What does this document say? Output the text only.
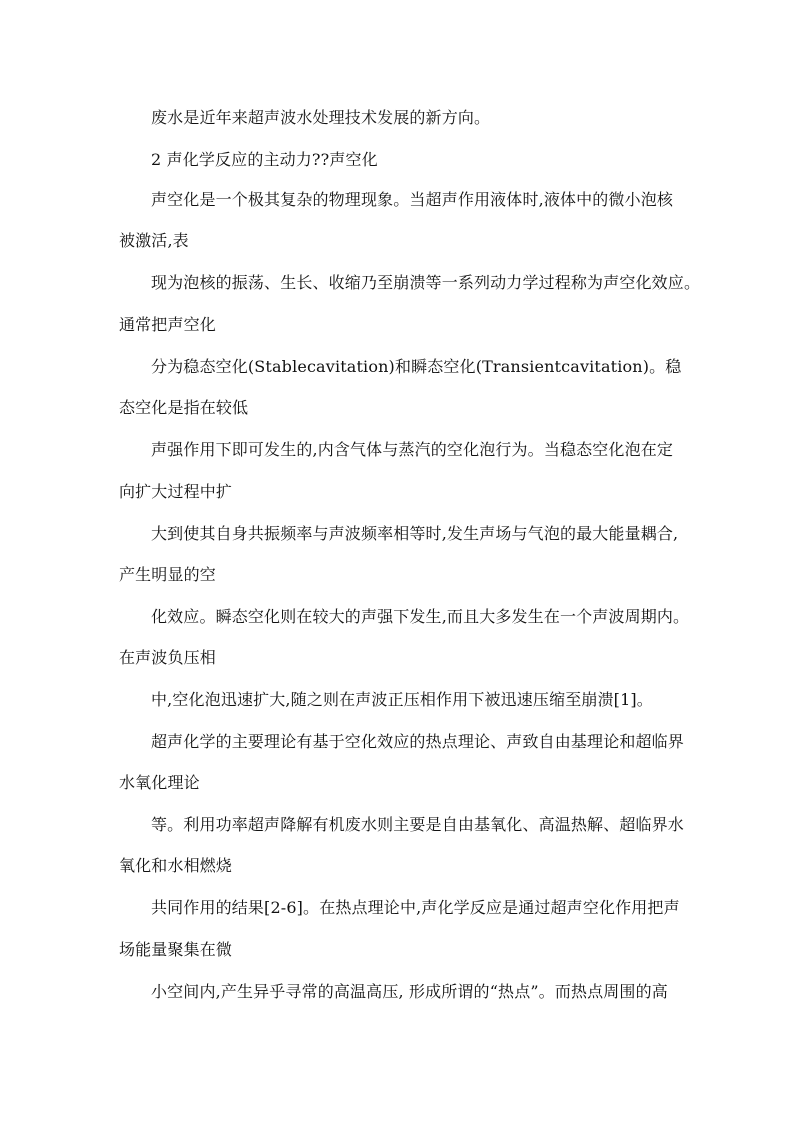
废水是近年来超声波水处理技术发展的新方向。
2 声化学反应的主动力??声空化
声空化是一个极其复杂的物理现象。当超声作用液体时,液体中的微小泡核
被激活,表
现为泡核的振荡、生长、收缩乃至崩溃等一系列动力学过程称为声空化效应。
通常把声空化
分为稳态空化(Stablecavitation)和瞬态空化(Transientcavitation)。稳
态空化是指在较低
声强作用下即可发生的,内含气体与蒸汽的空化泡行为。当稳态空化泡在定
向扩大过程中扩
大到使其自身共振频率与声波频率相等时,发生声场与气泡的最大能量耦合,
产生明显的空
化效应。瞬态空化则在较大的声强下发生,而且大多发生在一个声波周期内。
在声波负压相
中,空化泡迅速扩大,随之则在声波正压相作用下被迅速压缩至崩溃[1]。
超声化学的主要理论有基于空化效应的热点理论、声致自由基理论和超临界
水氧化理论
等。利用功率超声降解有机废水则主要是自由基氧化、高温热解、超临界水
氧化和水相燃烧
共同作用的结果[2-6]。在热点理论中,声化学反应是通过超声空化作用把声
场能量聚集在微
小空间内,产生异乎寻常的高温高压, 形成所谓的“热点”。而热点周围的高
